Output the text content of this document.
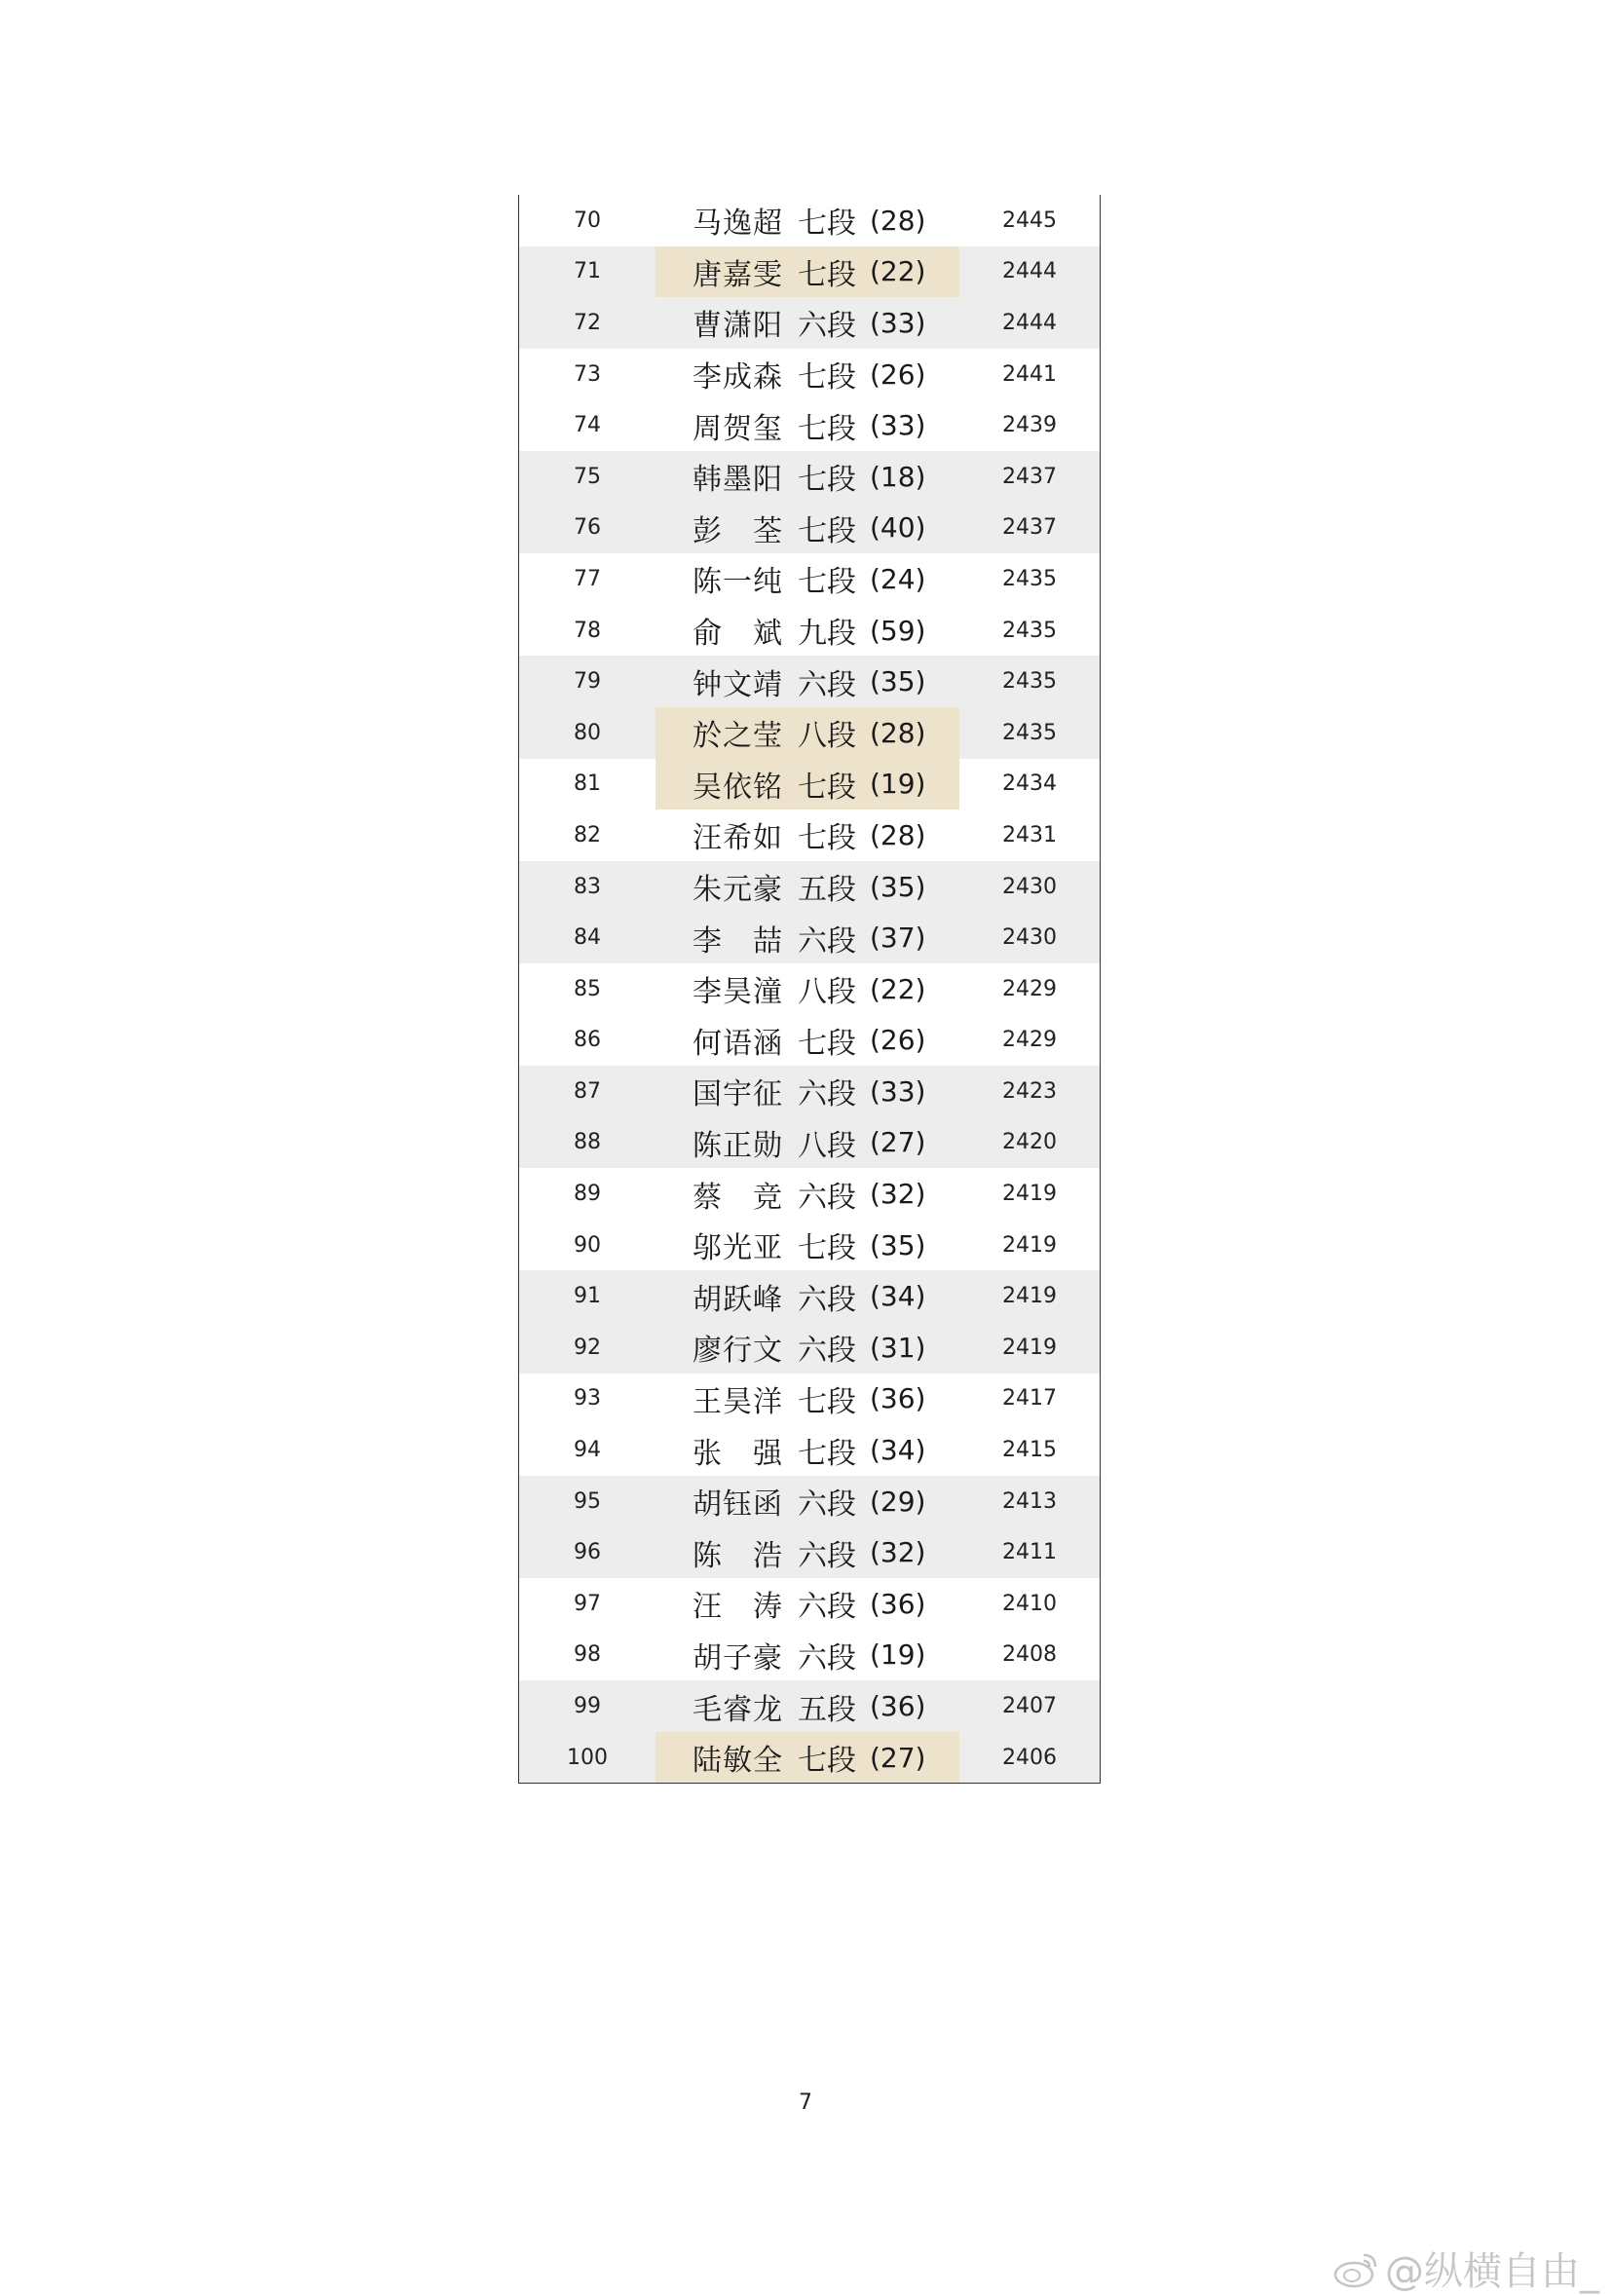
70	马逸超 七段 (28)	2445
71	唐嘉雯 七段 (22)	2444
72	曹潇阳 六段 (33)	2444
73	李成森 七段 (26)	2441
74	周贺玺 七段 (33)	2439
75	韩墨阳 七段 (18)	2437
76	彭 荃 七段 (40)	2437
77	陈一纯 七段 (24)	2435
78	俞 斌 九段 (59)	2435
79	钟文靖 六段 (35)	2435
80	於之莹 八段 (28)	2435
81	吴依铭 七段 (19)	2434
82	汪希如 七段 (28)	2431
83	朱元豪 五段 (35)	2430
84	李 喆 六段 (37)	2430
85	李昊潼 八段 (22)	2429
86	何语涵 七段 (26)	2429
87	国宇征 六段 (33)	2423
88	陈正勋 八段 (27)	2420
89	蔡 竞 六段 (32)	2419
90	邬光亚 七段 (35)	2419
91	胡跃峰 六段 (34)	2419
92	廖行文 六段 (31)	2419
93	王昊洋 七段 (36)	2417
94	张 强 七段 (34)	2415
95	胡钰函 六段 (29)	2413
96	陈 浩 六段 (32)	2411
97	汪 涛 六段 (36)	2410
98	胡子豪 六段 (19)	2408
99	毛睿龙 五段 (36)	2407
100	陆敏全 七段 (27)	2406
7
@纵横自由_
